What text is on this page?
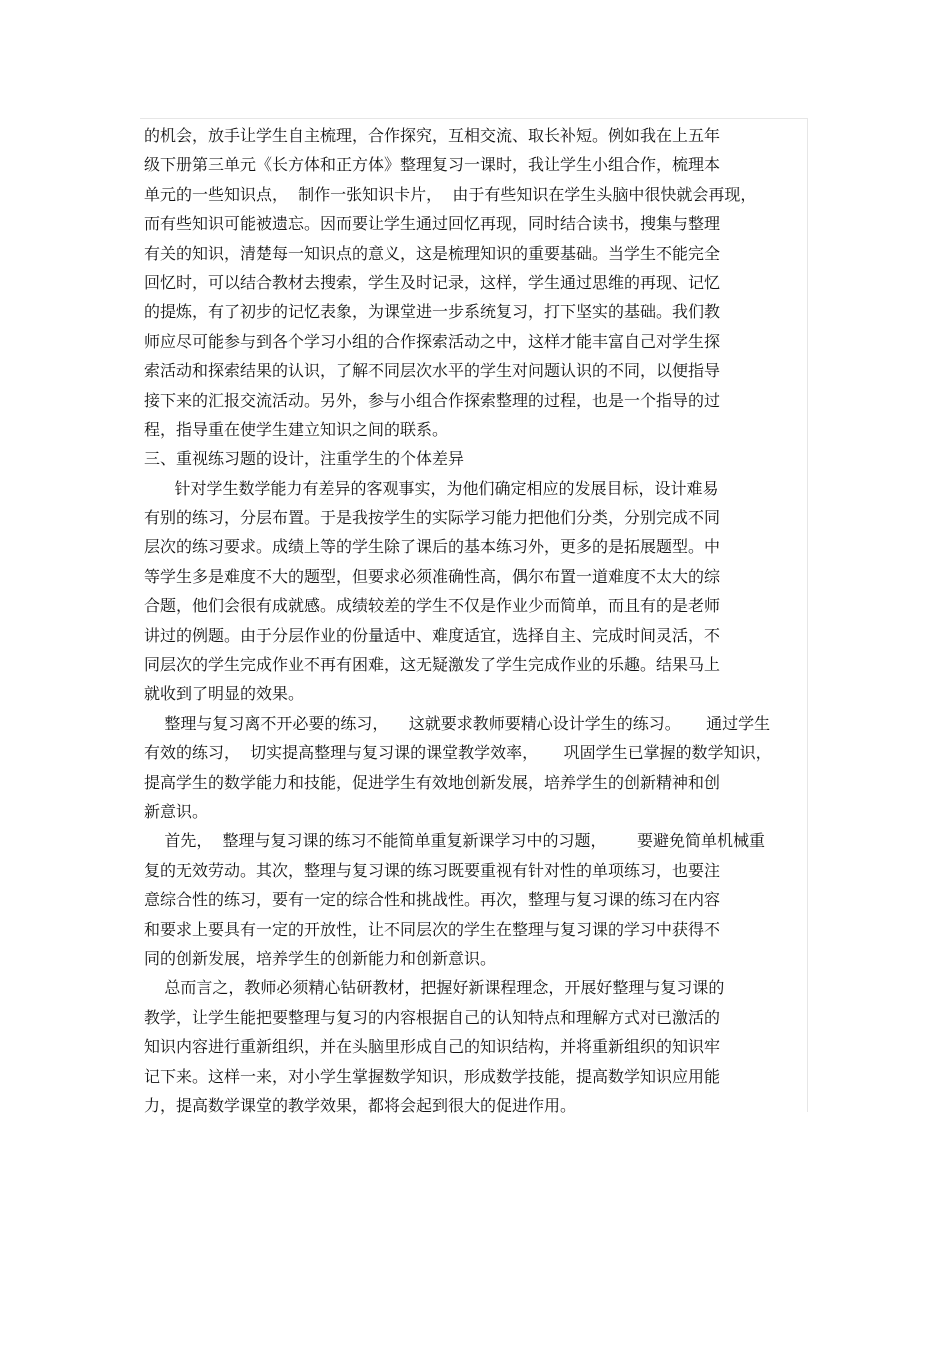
的机会，放手让学生自主梳理，合作探究，互相交流、取长补短。例如我在上五年
级下册第三单元《长方体和正方体》整理复习一课时，我让学生小组合作，梳理本
单元的一些知识点，  制作一张知识卡片，  由于有些知识在学生头脑中很快就会再现，
而有些知识可能被遗忘。因而要让学生通过回忆再现，同时结合读书，搜集与整理
有关的知识，清楚每一知识点的意义，这是梳理知识的重要基础。当学生不能完全
回忆时，可以结合教材去搜索，学生及时记录，这样，学生通过思维的再现、记忆
的提炼，有了初步的记忆表象，为课堂进一步系统复习，打下坚实的基础。我们教
师应尽可能参与到各个学习小组的合作探索活动之中，这样才能丰富自己对学生探
索活动和探索结果的认识，了解不同层次水平的学生对问题认识的不同，以便指导
接下来的汇报交流活动。另外，参与小组合作探索整理的过程，也是一个指导的过
程，指导重在使学生建立知识之间的联系。
三、重视练习题的设计，注重学生的个体差异
针对学生数学能力有差异的客观事实，为他们确定相应的发展目标，设计难易
有别的练习，分层布置。于是我按学生的实际学习能力把他们分类，分别完成不同
层次的练习要求。成绩上等的学生除了课后的基本练习外，更多的是拓展题型。中
等学生多是难度不大的题型，但要求必须准确性高，偶尔布置一道难度不太大的综
合题，他们会很有成就感。成绩较差的学生不仅是作业少而简单，而且有的是老师
讲过的例题。由于分层作业的份量适中、难度适宜，选择自主、完成时间灵活，不
同层次的学生完成作业不再有困难，这无疑激发了学生完成作业的乐趣。结果马上
就收到了明显的效果。
整理与复习离不开必要的练习，    这就要求教师要精心设计学生的练习。     通过学生
有效的练习，  切实提高整理与复习课的课堂教学效率，     巩固学生已掌握的数学知识，
提高学生的数学能力和技能，促进学生有效地创新发展，培养学生的创新精神和创
新意识。
首先，  整理与复习课的练习不能简单重复新课学习中的习题，      要避免简单机械重
复的无效劳动。其次，整理与复习课的练习既要重视有针对性的单项练习，也要注
意综合性的练习，要有一定的综合性和挑战性。再次，整理与复习课的练习在内容
和要求上要具有一定的开放性，让不同层次的学生在整理与复习课的学习中获得不
同的创新发展，培养学生的创新能力和创新意识。
总而言之，教师必须精心钻研教材，把握好新课程理念，开展好整理与复习课的
教学，让学生能把要整理与复习的内容根据自己的认知特点和理解方式对已激活的
知识内容进行重新组织，并在头脑里形成自己的知识结构，并将重新组织的知识牢
记下来。这样一来，对小学生掌握数学知识，形成数学技能，提高数学知识应用能
力，提高数学课堂的教学效果，都将会起到很大的促进作用。
